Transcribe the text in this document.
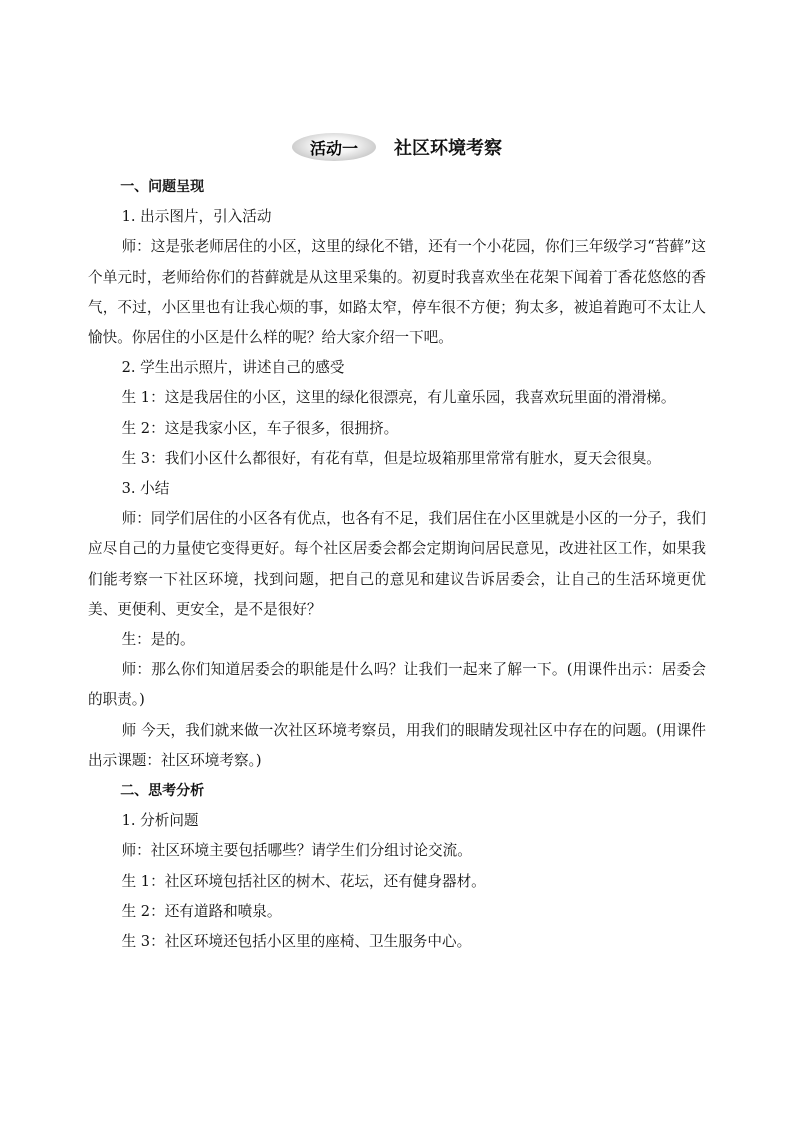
活动一 社区环境考察

一、问题呈现

1. 出示图片，引入活动

师：这是张老师居住的小区，这里的绿化不错，还有一个小花园，你们三年级学习“苔藓”这个单元时，老师给你们的苔藓就是从这里采集的。初夏时我喜欢坐在花架下闻着丁香花悠悠的香气，不过，小区里也有让我心烦的事，如路太窄，停车很不方便；狗太多，被追着跑可不太让人愉快。你居住的小区是什么样的呢？给大家介绍一下吧。

2. 学生出示照片，讲述自己的感受

生 1：这是我居住的小区，这里的绿化很漂亮，有儿童乐园，我喜欢玩里面的滑滑梯。

生 2：这是我家小区，车子很多，很拥挤。

生 3：我们小区什么都很好，有花有草，但是垃圾箱那里常常有脏水，夏天会很臭。

3. 小结

师：同学们居住的小区各有优点，也各有不足，我们居住在小区里就是小区的一分子，我们应尽自己的力量使它变得更好。每个社区居委会都会定期询问居民意见，改进社区工作，如果我们能考察一下社区环境，找到问题，把自己的意见和建议告诉居委会，让自己的生活环境更优美、更便利、更安全，是不是很好？

生：是的。

师：那么你们知道居委会的职能是什么吗？让我们一起来了解一下。(用课件出示：居委会的职责。)

师 今天，我们就来做一次社区环境考察员，用我们的眼睛发现社区中存在的问题。(用课件出示课题：社区环境考察。)

二、思考分析

1. 分析问题

师：社区环境主要包括哪些？请学生们分组讨论交流。

生 1：社区环境包括社区的树木、花坛，还有健身器材。

生 2：还有道路和喷泉。

生 3：社区环境还包括小区里的座椅、卫生服务中心。
